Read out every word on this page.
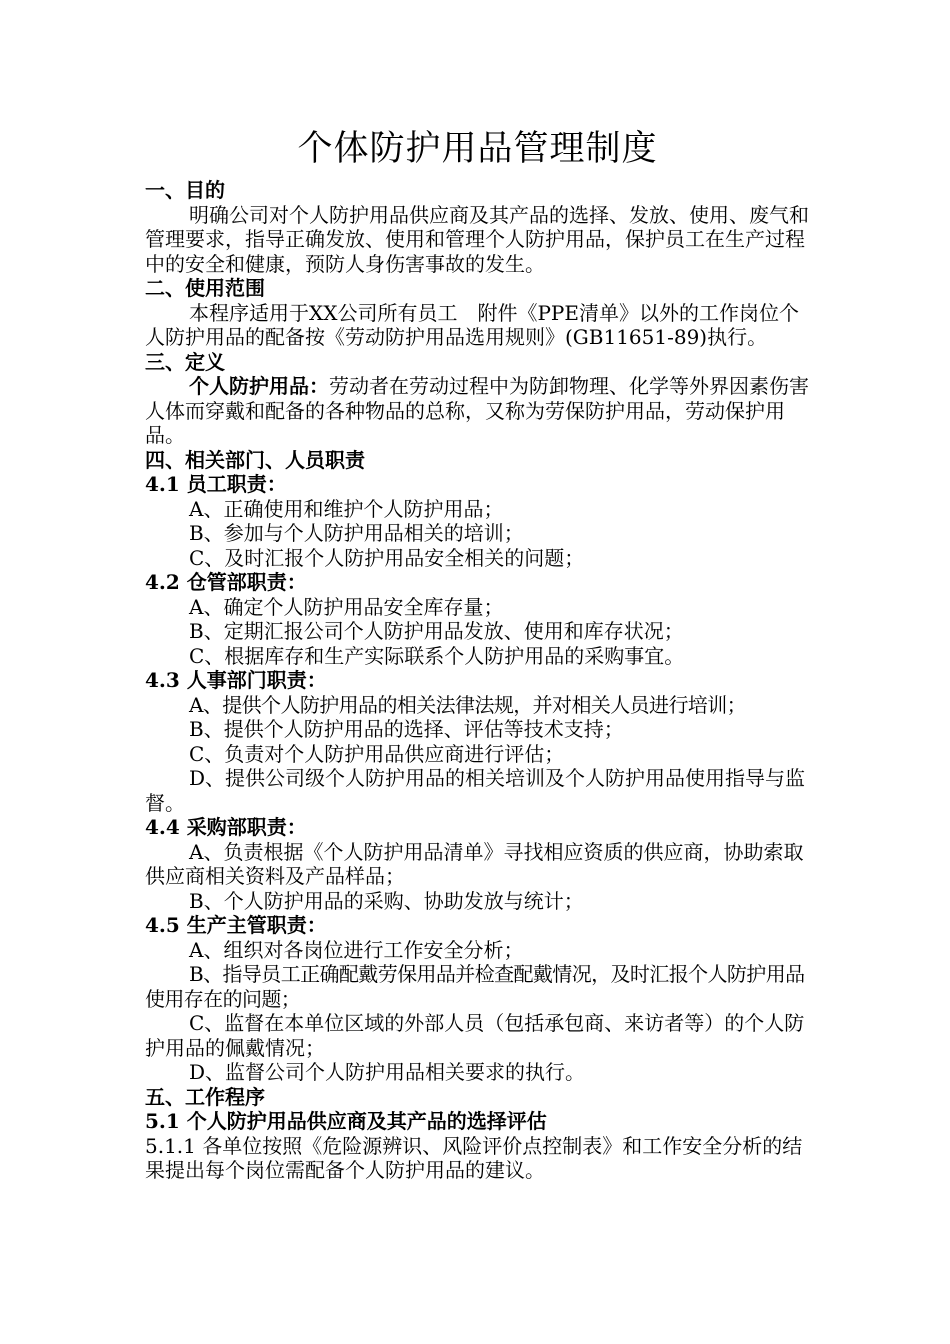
个体防护用品管理制度

一、目的

明确公司对个人防护用品供应商及其产品的选择、发放、使用、废气和管理要求，指导正确发放、使用和管理个人防护用品，保护员工在生产过程中的安全和健康，预防人身伤害事故的发生。

二、使用范围

本程序适用于XX公司所有员工　附件《PPE清单》以外的工作岗位个人防护用品的配备按《劳动防护用品选用规则》(GB11651-89)执行。

三、定义

个人防护用品：劳动者在劳动过程中为防卸物理、化学等外界因素伤害人体而穿戴和配备的各种物品的总称，又称为劳保防护用品，劳动保护用品。

四、相关部门、人员职责

4.1 员工职责：

A、正确使用和维护个人防护用品；

B、参加与个人防护用品相关的培训；

C、及时汇报个人防护用品安全相关的问题；

4.2 仓管部职责：

A、确定个人防护用品安全库存量；

B、定期汇报公司个人防护用品发放、使用和库存状况；

C、根据库存和生产实际联系个人防护用品的采购事宜。

4.3 人事部门职责：

A、提供个人防护用品的相关法律法规，并对相关人员进行培训；

B、提供个人防护用品的选择、评估等技术支持；

C、负责对个人防护用品供应商进行评估；

D、提供公司级个人防护用品的相关培训及个人防护用品使用指导与监督。

4.4 采购部职责：

A、负责根据《个人防护用品清单》寻找相应资质的供应商，协助索取供应商相关资料及产品样品；

B、个人防护用品的采购、协助发放与统计；

4.5 生产主管职责：

A、组织对各岗位进行工作安全分析；

B、指导员工正确配戴劳保用品并检查配戴情况，及时汇报个人防护用品使用存在的问题；

C、监督在本单位区域的外部人员（包括承包商、来访者等）的个人防护用品的佩戴情况；

D、监督公司个人防护用品相关要求的执行。

五、工作程序

5.1 个人防护用品供应商及其产品的选择评估

5.1.1 各单位按照《危险源辨识、风险评价点控制表》和工作安全分析的结果提出每个岗位需配备个人防护用品的建议。
